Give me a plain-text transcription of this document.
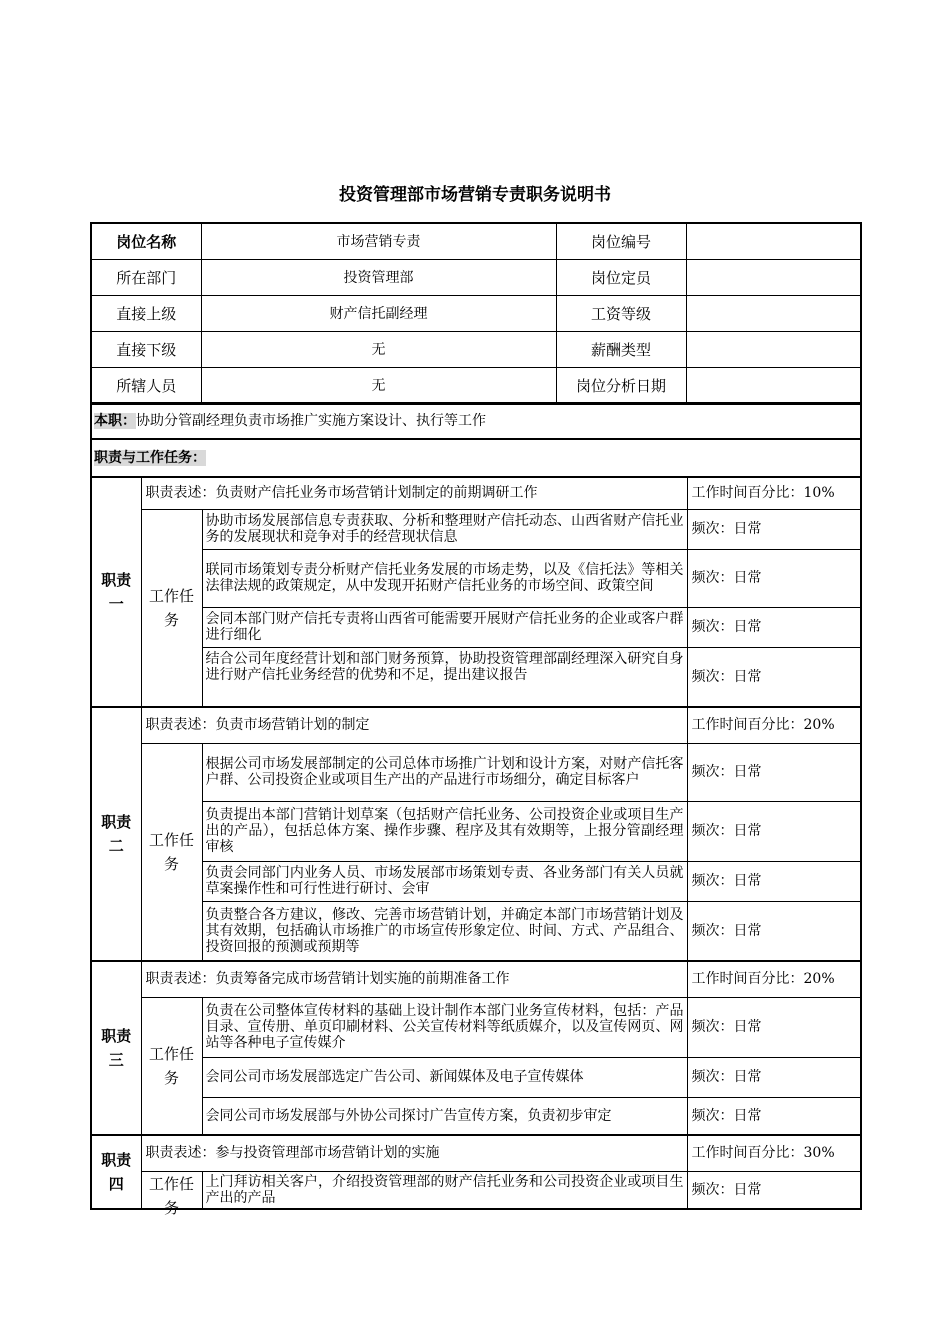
投资管理部市场营销专责职务说明书
岗位名称	市场营销专责	岗位编号	
所在部门	投资管理部	岗位定员	
直接上级	财产信托副经理	工资等级	
直接下级	无	薪酬类型	
所辖人员	无	岗位分析日期	
本职：协助分管副经理负责市场推广实施方案设计、执行等工作			
职责与工作任务：			
职责一	职责表述：负责财产信托业务市场营销计划制定的前期调研工作		工作时间百分比：10%
	工作任务	协助市场发展部信息专责获取、分析和整理财产信托动态、山西省财产信托业务的发展现状和竞争对手的经营现状信息	频次：日常
		联同市场策划专责分析财产信托业务发展的市场走势，以及《信托法》等相关法律法规的政策规定，从中发现开拓财产信托业务的市场空间、政策空间	频次：日常
		会同本部门财产信托专责将山西省可能需要开展财产信托业务的企业或客户群进行细化	频次：日常

		结合公司年度经营计划和部门财务预算，协助投资管理部副经理深入研究自身进行财产信托业务经营的优势和不足，提出建议报告	频次：日常
职责二	职责表述：负责市场营销计划的制定		工作时间百分比：20%
	工作任务	根据公司市场发展部制定的公司总体市场推广计划和设计方案，对财产信托客户群、公司投资企业或项目生产出的产品进行市场细分，确定目标客户	频次：日常
		负责提出本部门营销计划草案（包括财产信托业务、公司投资企业或项目生产出的产品），包括总体方案、操作步骤、程序及其有效期等，上报分管副经理审核	频次：日常
		负责会同部门内业务人员、市场发展部市场策划专责、各业务部门有关人员就草案操作性和可行性进行研讨、会审	频次：日常
		负责整合各方建议，修改、完善市场营销计划，并确定本部门市场营销计划及其有效期，包括确认市场推广的市场宣传形象定位、时间、方式、产品组合、投资回报的预测或预期等	频次：日常
职责三	职责表述：负责筹备完成市场营销计划实施的前期准备工作		工作时间百分比：20%
	工作任务	负责在公司整体宣传材料的基础上设计制作本部门业务宣传材料，包括：产品目录、宣传册、单页印刷材料、公关宣传材料等纸质媒介，以及宣传网页、网站等各种电子宣传媒介	频次：日常
		会同公司市场发展部选定广告公司、新闻媒体及电子宣传媒体	频次：日常
		会同公司市场发展部与外协公司探讨广告宣传方案，负责初步审定	频次：日常
职责四	职责表述：参与投资管理部市场营销计划的实施		工作时间百分比：30%

	工作任务	上门拜访相关客户，介绍投资管理部的财产信托业务和公司投资企业或项目生产出的产品	频次：日常
